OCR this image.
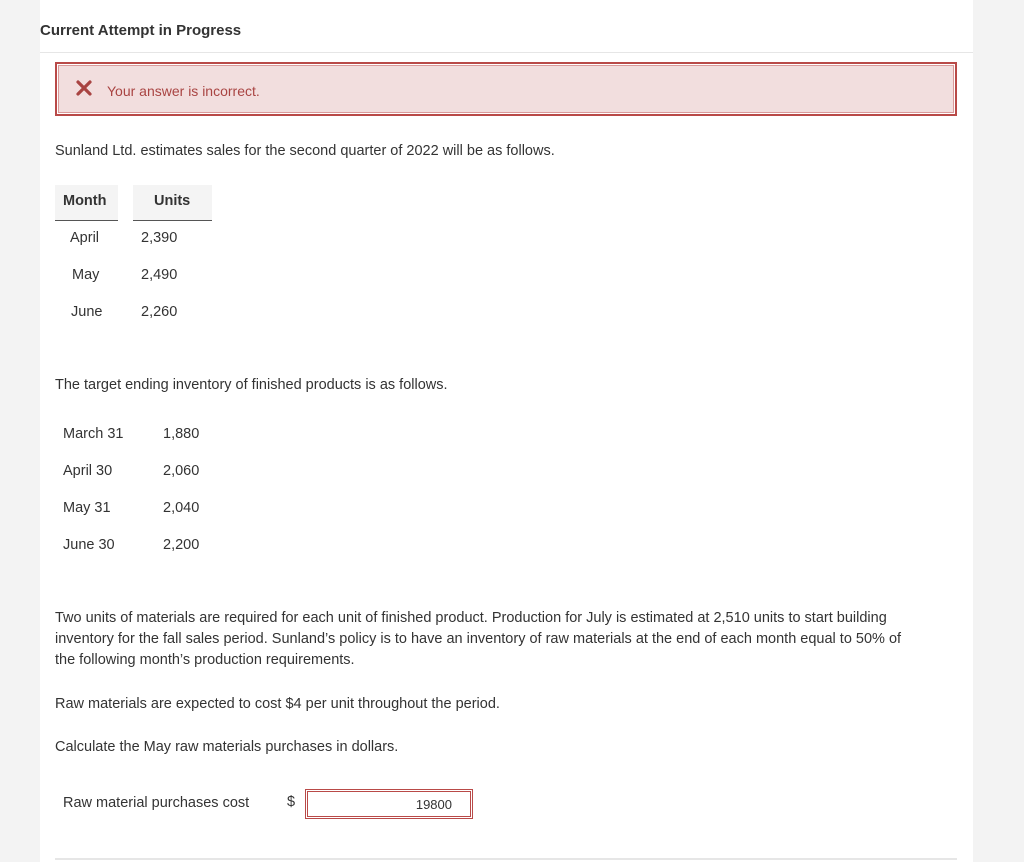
Current Attempt in Progress
Your answer is incorrect.
Sunland Ltd. estimates sales for the second quarter of 2022 will be as follows.
Month	Units
April	2,390
May	2,490
June	2,260
The target ending inventory of finished products is as follows.
March 31	1,880
April 30	2,060
May 31	2,040
June 30	2,200
Two units of materials are required for each unit of finished product. Production for July is estimated at 2,510 units to start building
inventory for the fall sales period. Sunland’s policy is to have an inventory of raw materials at the end of each month equal to 50% of
the following month’s production requirements.
Raw materials are expected to cost $4 per unit throughout the period.
Calculate the May raw materials purchases in dollars.
Raw material purchases cost	$
19800
